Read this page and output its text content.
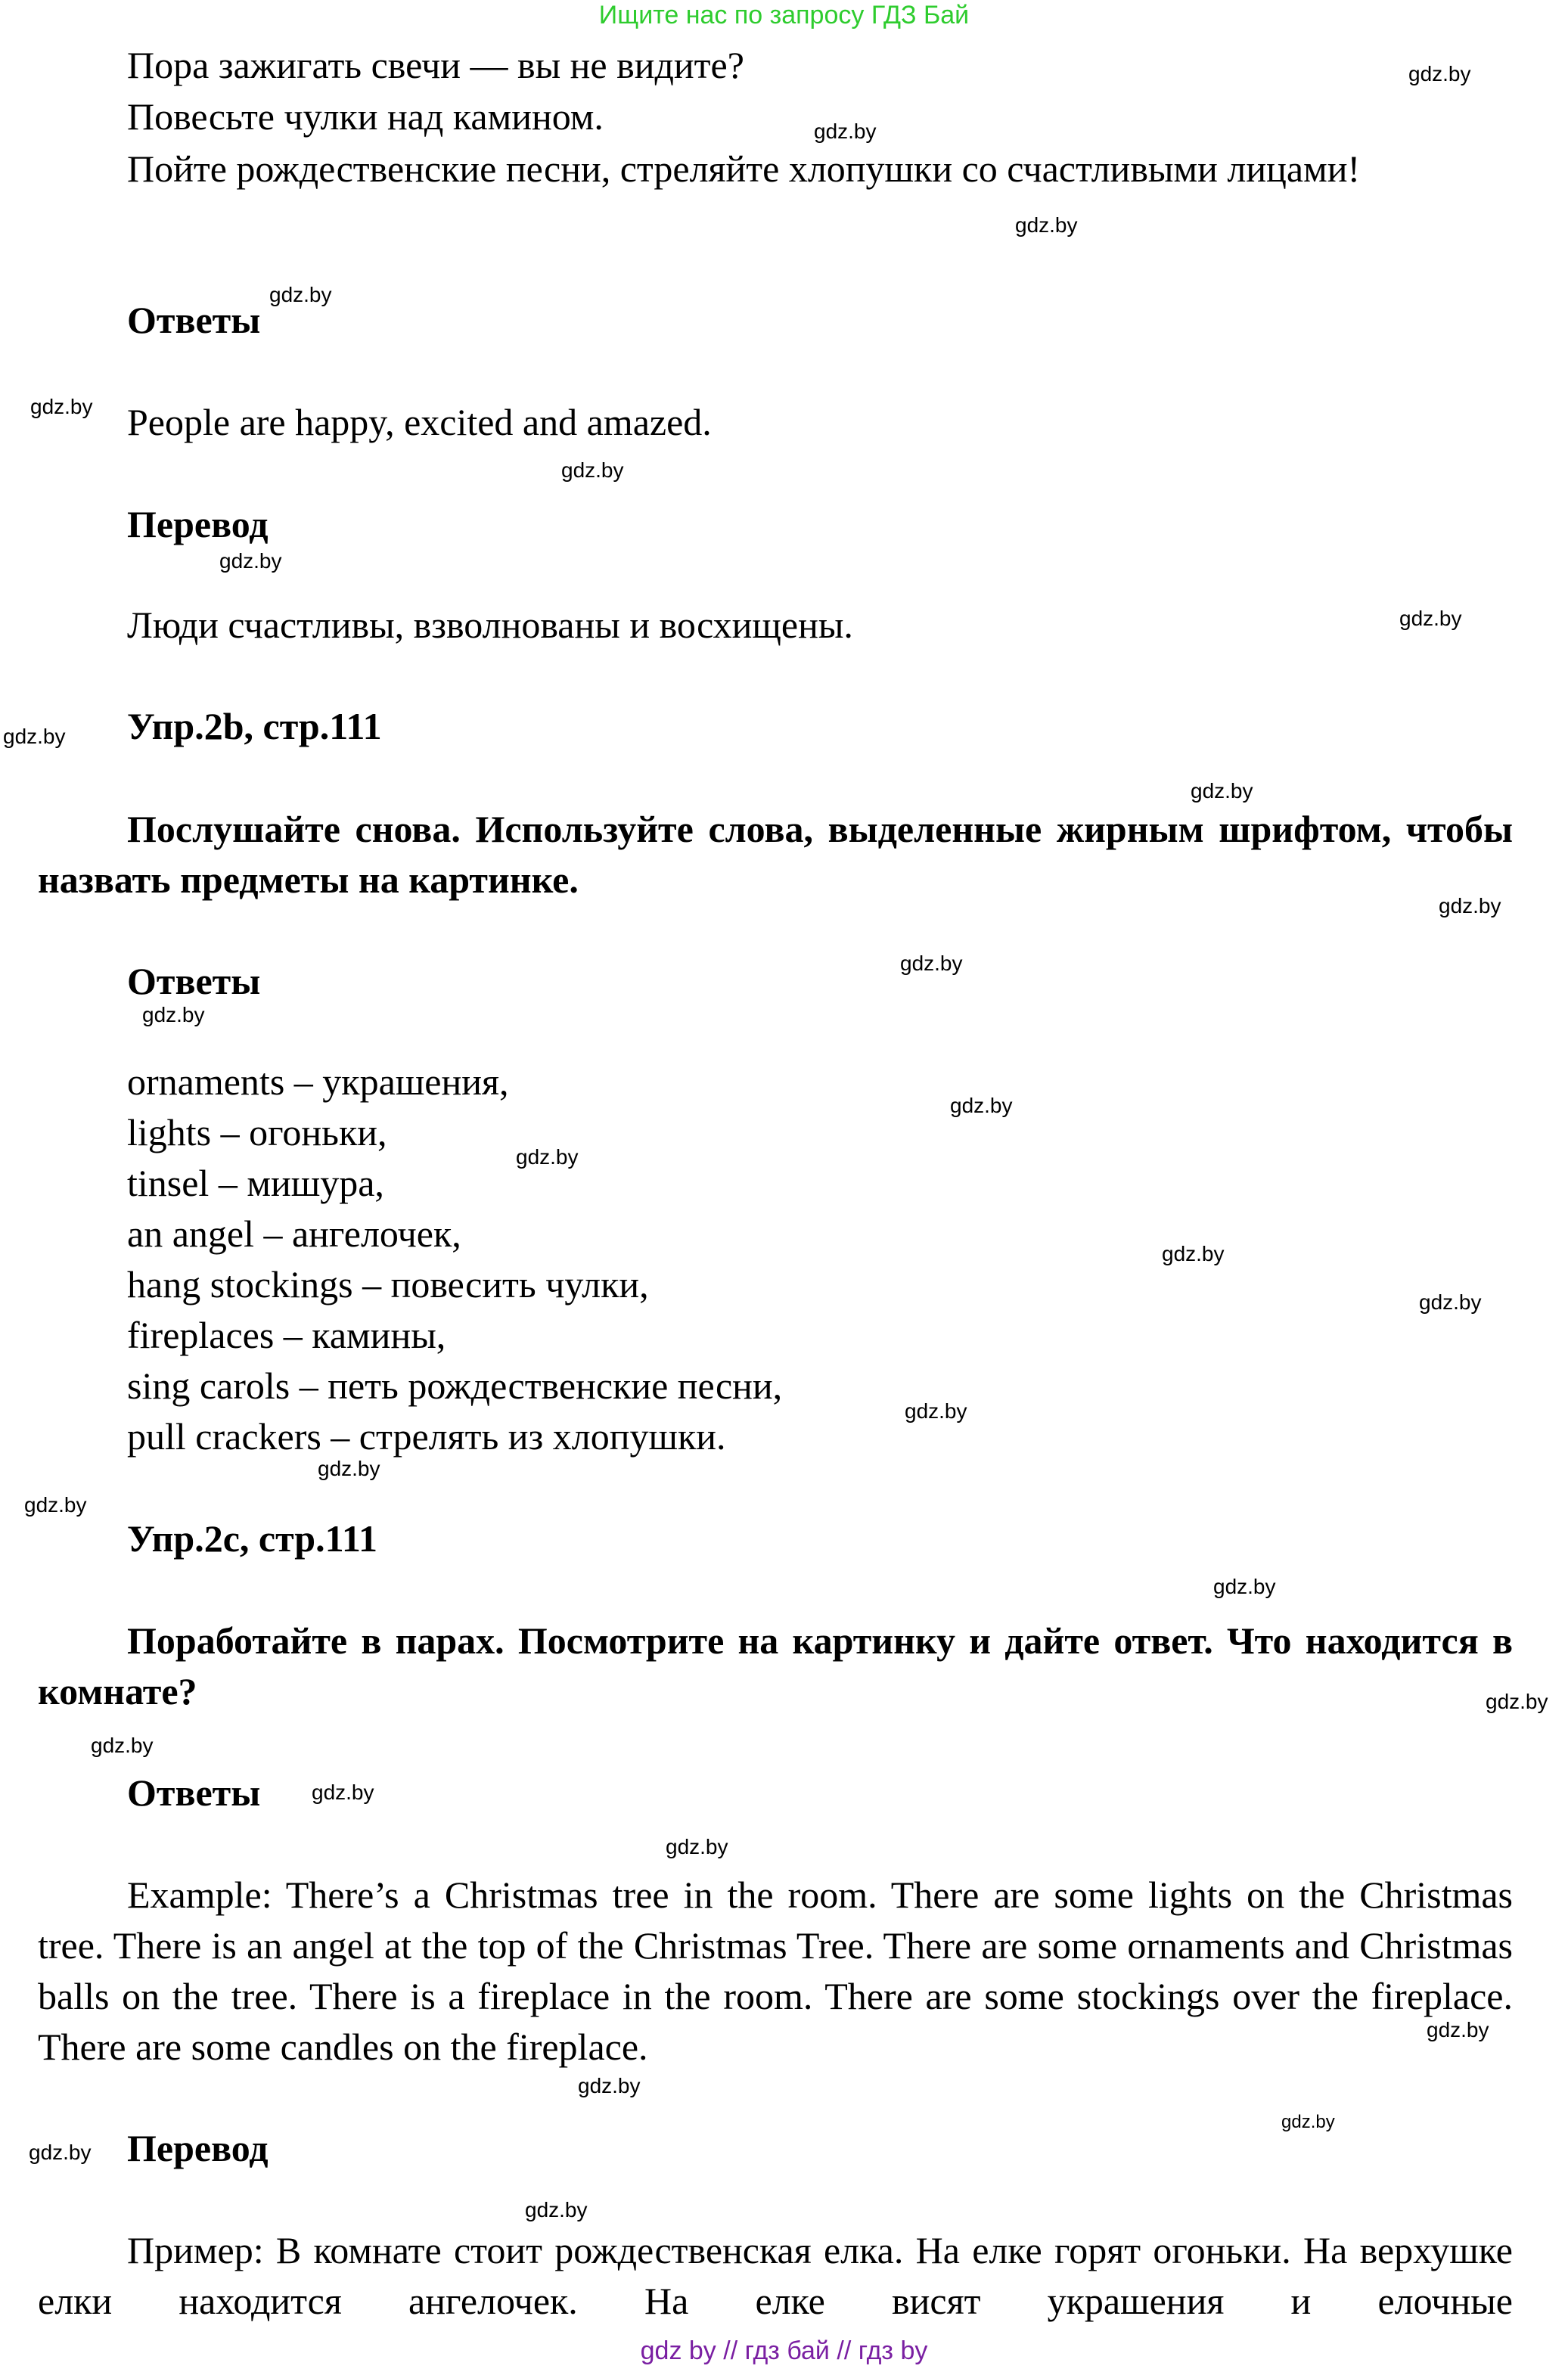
Ищите нас по запросу ГДЗ Бай
Пора зажигать свечи — вы не видите?
Повесьте чулки над камином.
Пойте рождественские песни, стреляйте хлопушки со счастливыми лицами!
Ответы
People are happy, excited and amazed.
Перевод
Люди счастливы, взволнованы и восхищены.
Упр.2b, стр.111
Послушайте снова. Используйте слова, выделенные жирным шрифтом, чтобы назвать предметы на картинке.
Ответы
ornaments – украшения,
lights – огоньки,
tinsel – мишура,
an angel – ангелочек,
hang stockings – повесить чулки,
fireplaces – камины,
sing carols – петь рождественские песни,
pull crackers – стрелять из хлопушки.
Упр.2c, стр.111
Поработайте в парах. Посмотрите на картинку и дайте ответ. Что находится в комнате?
Ответы
Example: There’s a Christmas tree in the room. There are some lights on the Christmas tree. There is an angel at the top of the Christmas Tree. There are some ornaments and Christmas balls on the tree. There is a fireplace in the room. There are some stockings over the fireplace. There are some candles on the fireplace.
Перевод
Пример: В комнате стоит рождественская елка. На елке горят огоньки. На верхушке елки находится ангелочек. На елке висят украшения и елочные
gdz.by
gdz.by
gdz.by
gdz.by
gdz.by
gdz.by
gdz.by
gdz.by
gdz.by
gdz.by
gdz.by
gdz.by
gdz.by
gdz.by
gdz.by
gdz.by
gdz.by
gdz.by
gdz.by
gdz.by
gdz.by
gdz.by
gdz.by
gdz.by
gdz.by
gdz.by
gdz.by
gdz.by
gdz.by
gdz.by
gdz by // гдз бай // гдз by
